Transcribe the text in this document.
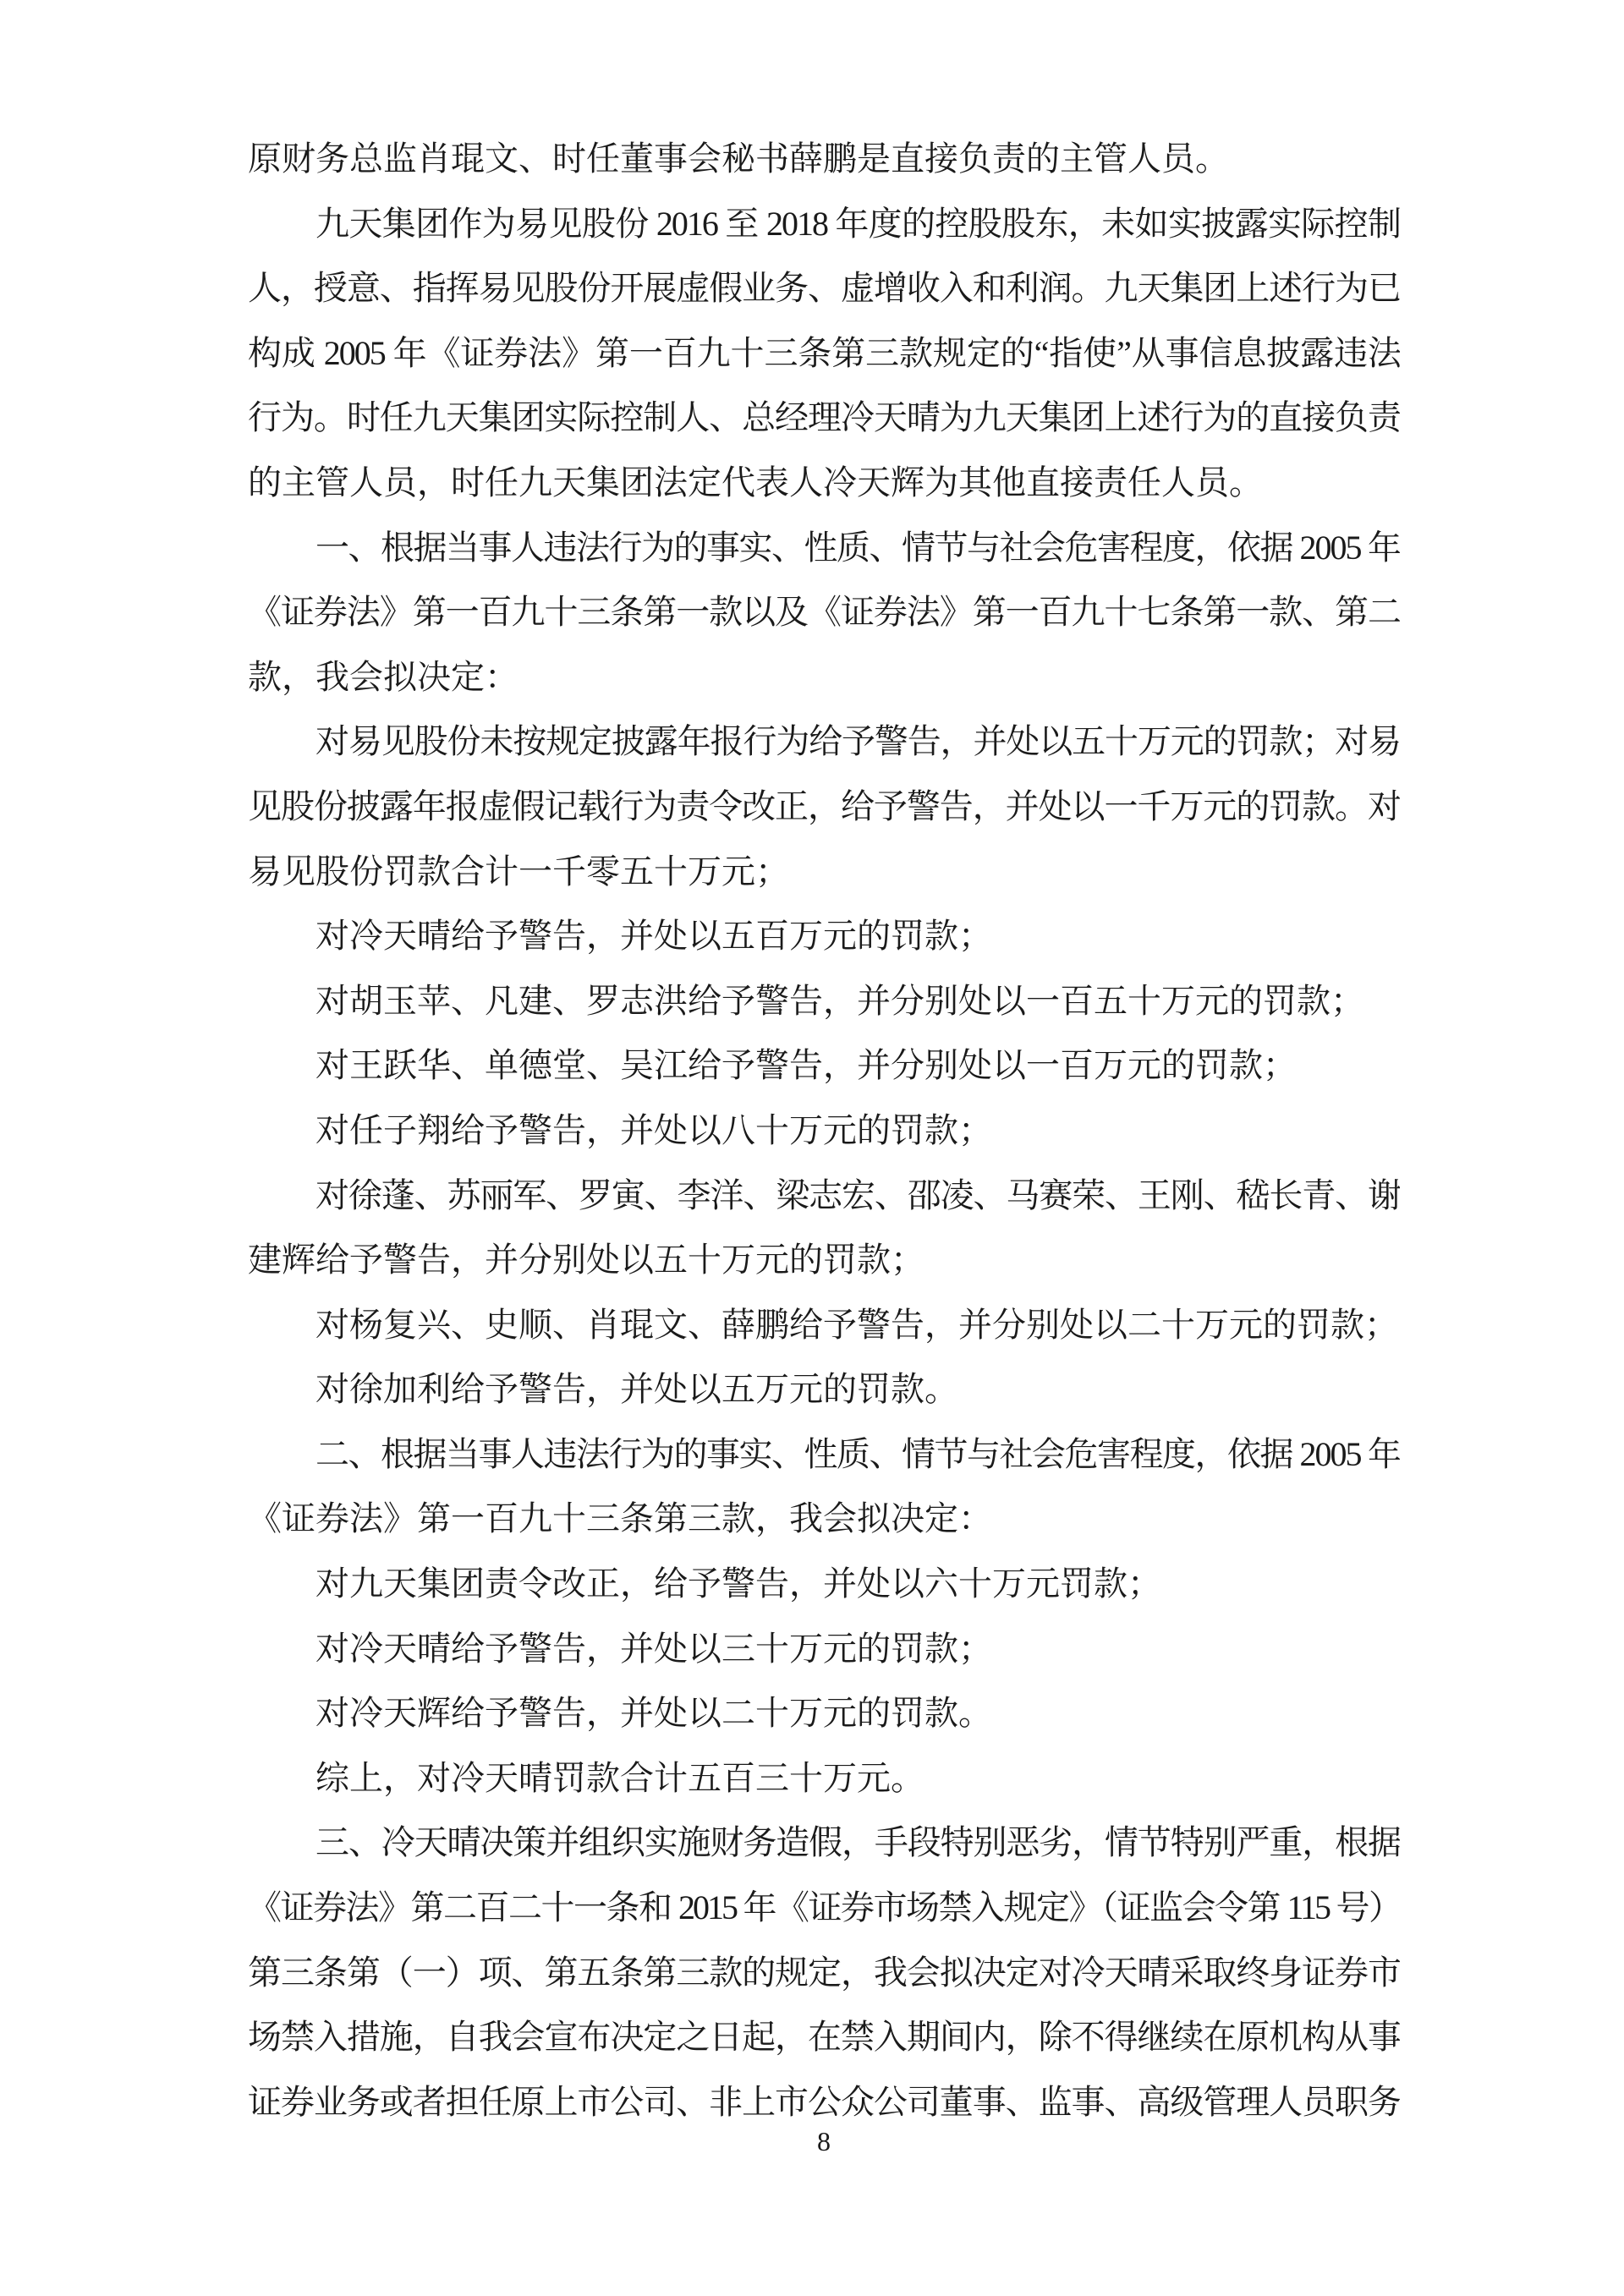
原财务总监肖琨文、时任董事会秘书薛鹏是直接负责的主管人员。
九天集团作为易见股份 2016 至 2018 年度的控股股东，未如实披露实际控制
人，授意、指挥易见股份开展虚假业务、虚增收入和利润。九天集团上述行为已
构成 2005 年《证券法》第一百九十三条第三款规定的“指使”从事信息披露违法
行为。时任九天集团实际控制人、总经理冷天晴为九天集团上述行为的直接负责
的主管人员，时任九天集团法定代表人冷天辉为其他直接责任人员。
一、根据当事人违法行为的事实、性质、情节与社会危害程度，依据 2005 年
《证券法》第一百九十三条第一款以及《证券法》第一百九十七条第一款、第二
款，我会拟决定：
对易见股份未按规定披露年报行为给予警告，并处以五十万元的罚款；对易
见股份披露年报虚假记载行为责令改正，给予警告，并处以一千万元的罚款。对
易见股份罚款合计一千零五十万元；
对冷天晴给予警告，并处以五百万元的罚款；
对胡玉苹、凡建、罗志洪给予警告，并分别处以一百五十万元的罚款；
对王跃华、单德堂、吴江给予警告，并分别处以一百万元的罚款；
对任子翔给予警告，并处以八十万元的罚款；
对徐蓬、苏丽军、罗寅、李洋、梁志宏、邵凌、马赛荣、王刚、嵇长青、谢
建辉给予警告，并分别处以五十万元的罚款；
对杨复兴、史顺、肖琨文、薛鹏给予警告，并分别处以二十万元的罚款；
对徐加利给予警告，并处以五万元的罚款。
二、根据当事人违法行为的事实、性质、情节与社会危害程度，依据 2005 年
《证券法》第一百九十三条第三款，我会拟决定：
对九天集团责令改正，给予警告，并处以六十万元罚款；
对冷天晴给予警告，并处以三十万元的罚款；
对冷天辉给予警告，并处以二十万元的罚款。
综上，对冷天晴罚款合计五百三十万元。
三、冷天晴决策并组织实施财务造假，手段特别恶劣，情节特别严重，根据
《证券法》第二百二十一条和 2015 年《证券市场禁入规定》（证监会令第 115 号）
第三条第（一）项、第五条第三款的规定，我会拟决定对冷天晴采取终身证券市
场禁入措施，自我会宣布决定之日起，在禁入期间内，除不得继续在原机构从事
证券业务或者担任原上市公司、非上市公众公司董事、监事、高级管理人员职务
8
